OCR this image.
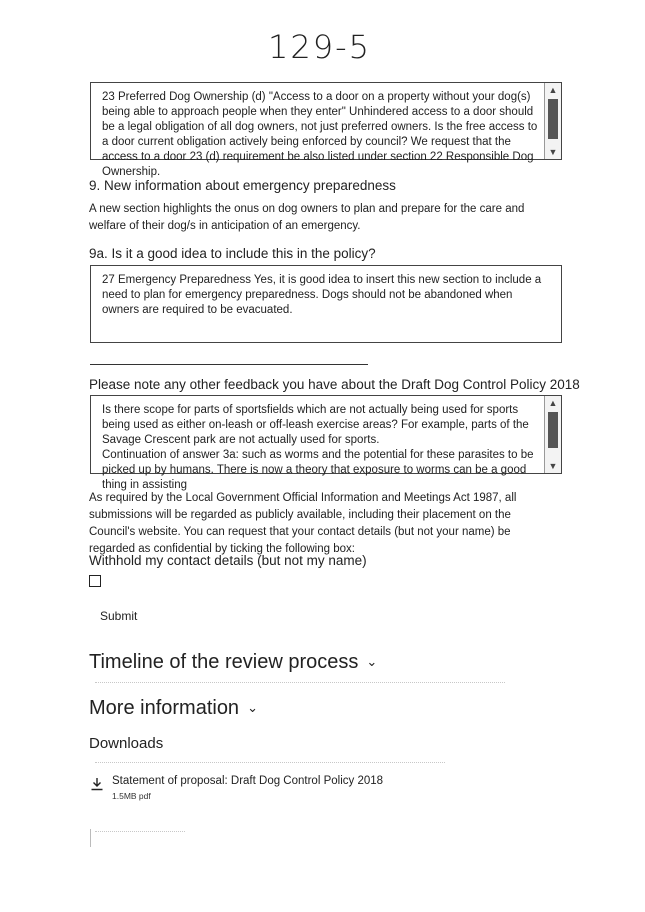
129-5
23 Preferred Dog Ownership (d) "Access to a door on a property without your dog(s) being able to approach people when they enter" Unhindered access to a door should be a legal obligation of all dog owners, not just preferred owners. Is the free access to a door current obligation actively being enforced by council? We request that the access to a door 23 (d) requirement be also listed under section 22 Responsible Dog Ownership.
▲
▼
9. New information about emergency preparedness
A new section highlights the onus on dog owners to plan and prepare for the care and welfare of their dog/s in anticipation of an emergency.
9a. Is it a good idea to include this in the policy?
27 Emergency Preparedness Yes, it is good idea to insert this new section to include a need to plan for emergency preparedness. Dogs should not be abandoned when owners are required to be evacuated.
Please note any other feedback you have about the Draft Dog Control Policy 2018
Is there scope for parts of sportsfields which are not actually being used for sports being used as either on-leash or off-leash exercise areas? For example, parts of the Savage Crescent park are not actually used for sports.
Continuation of answer 3a: such as worms and the potential for these parasites to be picked up by humans. There is now a theory that exposure to worms can be a good thing in assisting
▲
▼
As required by the Local Government Official Information and Meetings Act 1987, all submissions will be regarded as publicly available, including their placement on the Council's website. You can request that your contact details (but not your name) be regarded as confidential by ticking the following box:
Withhold my contact details (but not my name)
Submit
Timeline of the review process ⌄
More information ⌄
Downloads
Statement of proposal: Draft Dog Control Policy 2018
1.5MB pdf
